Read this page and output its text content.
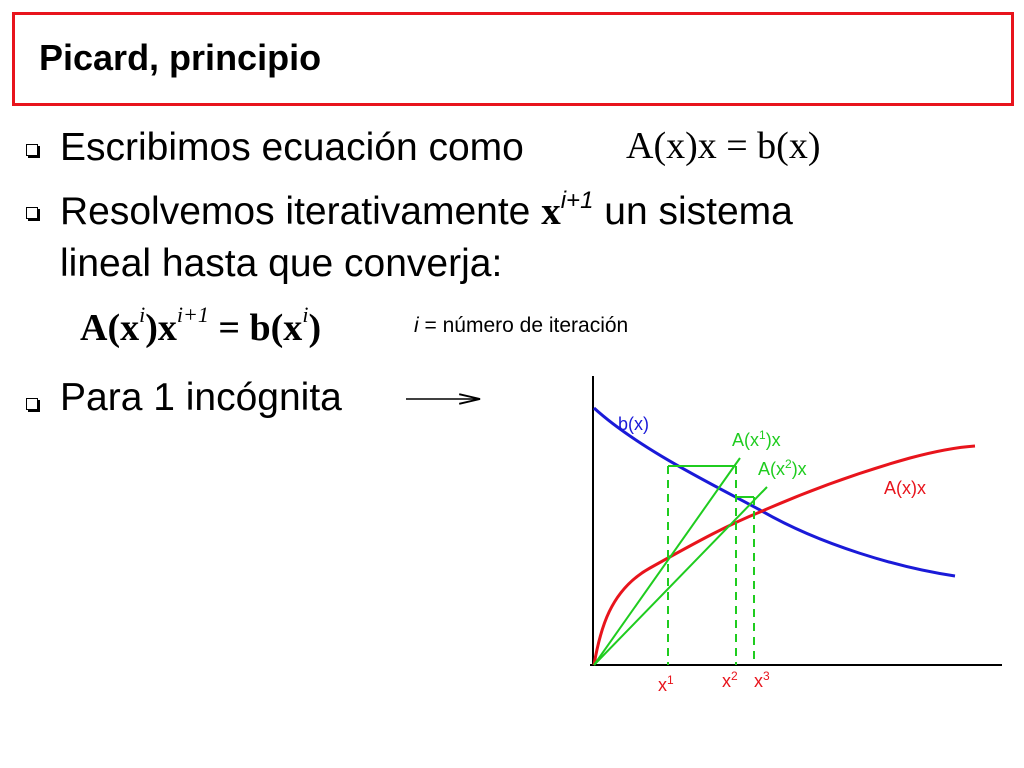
Picard, principio
Escribimos ecuación como	A(x)x = b(x)
Resolvemos iterativamente $x^{i+1}$ un sistema
lineal hasta que converja:
$A(x^i)x^{i+1} = b(x^i)$	i = número de iteración
Para 1 incógnita
b(x)
$A(x^1)x$
$A(x^2)x$
A(x)x
$x^1$	$x^2$ $x^3$
